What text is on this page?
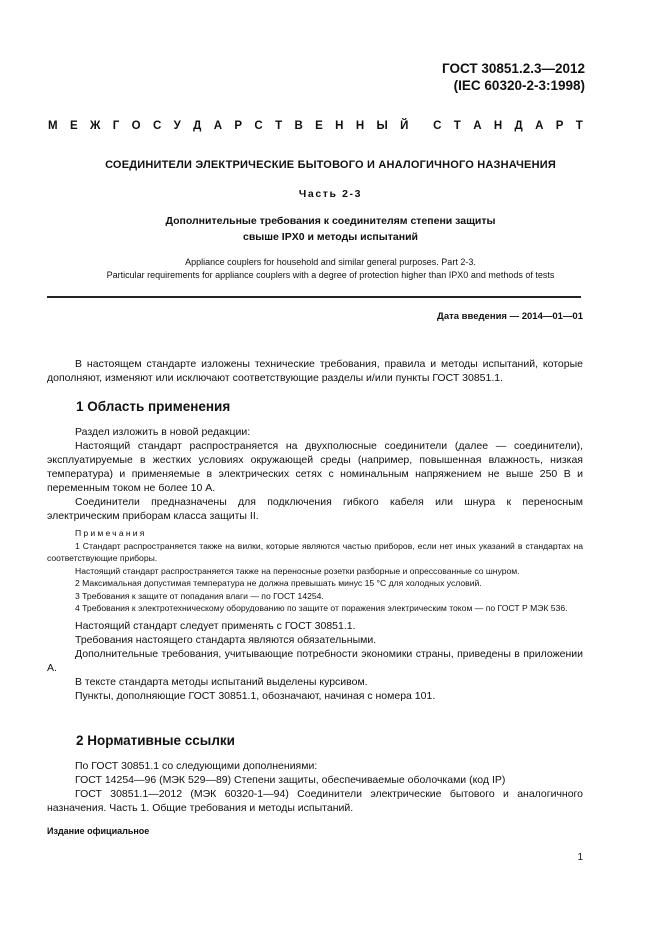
ГОСТ 30851.2.3—2012
(IEC 60320-2-3:1998)
М Е Ж Г О С У Д А Р С Т В Е Н Н Ы Й С Т А Н Д А Р Т
СОЕДИНИТЕЛИ ЭЛЕКТРИЧЕСКИЕ БЫТОВОГО И АНАЛОГИЧНОГО НАЗНАЧЕНИЯ
Часть 2-3
Дополнительные требования к соединителям степени защиты
свыше IPX0 и методы испытаний
Appliance couplers for household and similar general purposes. Part 2-3.
Particular requirements for appliance couplers with a degree of protection higher than IPX0 and methods of tests
Дата введения — 2014—01—01

В настоящем стандарте изложены технические требования, правила и методы испытаний, которые дополняют, изменяют или исключают соответствующие разделы и/или пункты ГОСТ 30851.1.

1 Область применения

Раздел изложить в новой редакции:

Настоящий стандарт распространяется на двухполюсные соединители (далее — соединители), эксплуатируемые в жестких условиях окружающей среды (например, повышенная влажность, низкая температура) и применяемые в электрических сетях с номинальным напряжением не выше 250 В и переменным током не более 10 А.

Соединители предназначены для подключения гибкого кабеля или шнура к переносным электрическим приборам класса защиты II.

Примечания

1 Стандарт распространяется также на вилки, которые являются частью приборов, если нет иных указаний в стандартах на соответствующие приборы.

Настоящий стандарт распространяется также на переносные розетки разборные и опрессованные со шнуром.

2 Максимальная допустимая температура не должна превышать минус 15 °С для холодных условий.

3 Требования к защите от попадания влаги — по ГОСТ 14254.

4 Требования к электротехническому оборудованию по защите от поражения электрическим током — по ГОСТ Р МЭК 536.

Настоящий стандарт следует применять с ГОСТ 30851.1.

Требования настоящего стандарта являются обязательными.

Дополнительные требования, учитывающие потребности экономики страны, приведены в приложении А.

В тексте стандарта методы испытаний выделены курсивом.

Пункты, дополняющие ГОСТ 30851.1, обозначают, начиная с номера 101.

2 Нормативные ссылки

По ГОСТ 30851.1 со следующими дополнениями:

ГОСТ 14254—96 (МЭК 529—89) Степени защиты, обеспечиваемые оболочками (код IP)

ГОСТ 30851.1—2012 (МЭК 60320-1—94) Соединители электрические бытового и аналогичного назначения. Часть 1. Общие требования и методы испытаний.

Издание официальное
1
